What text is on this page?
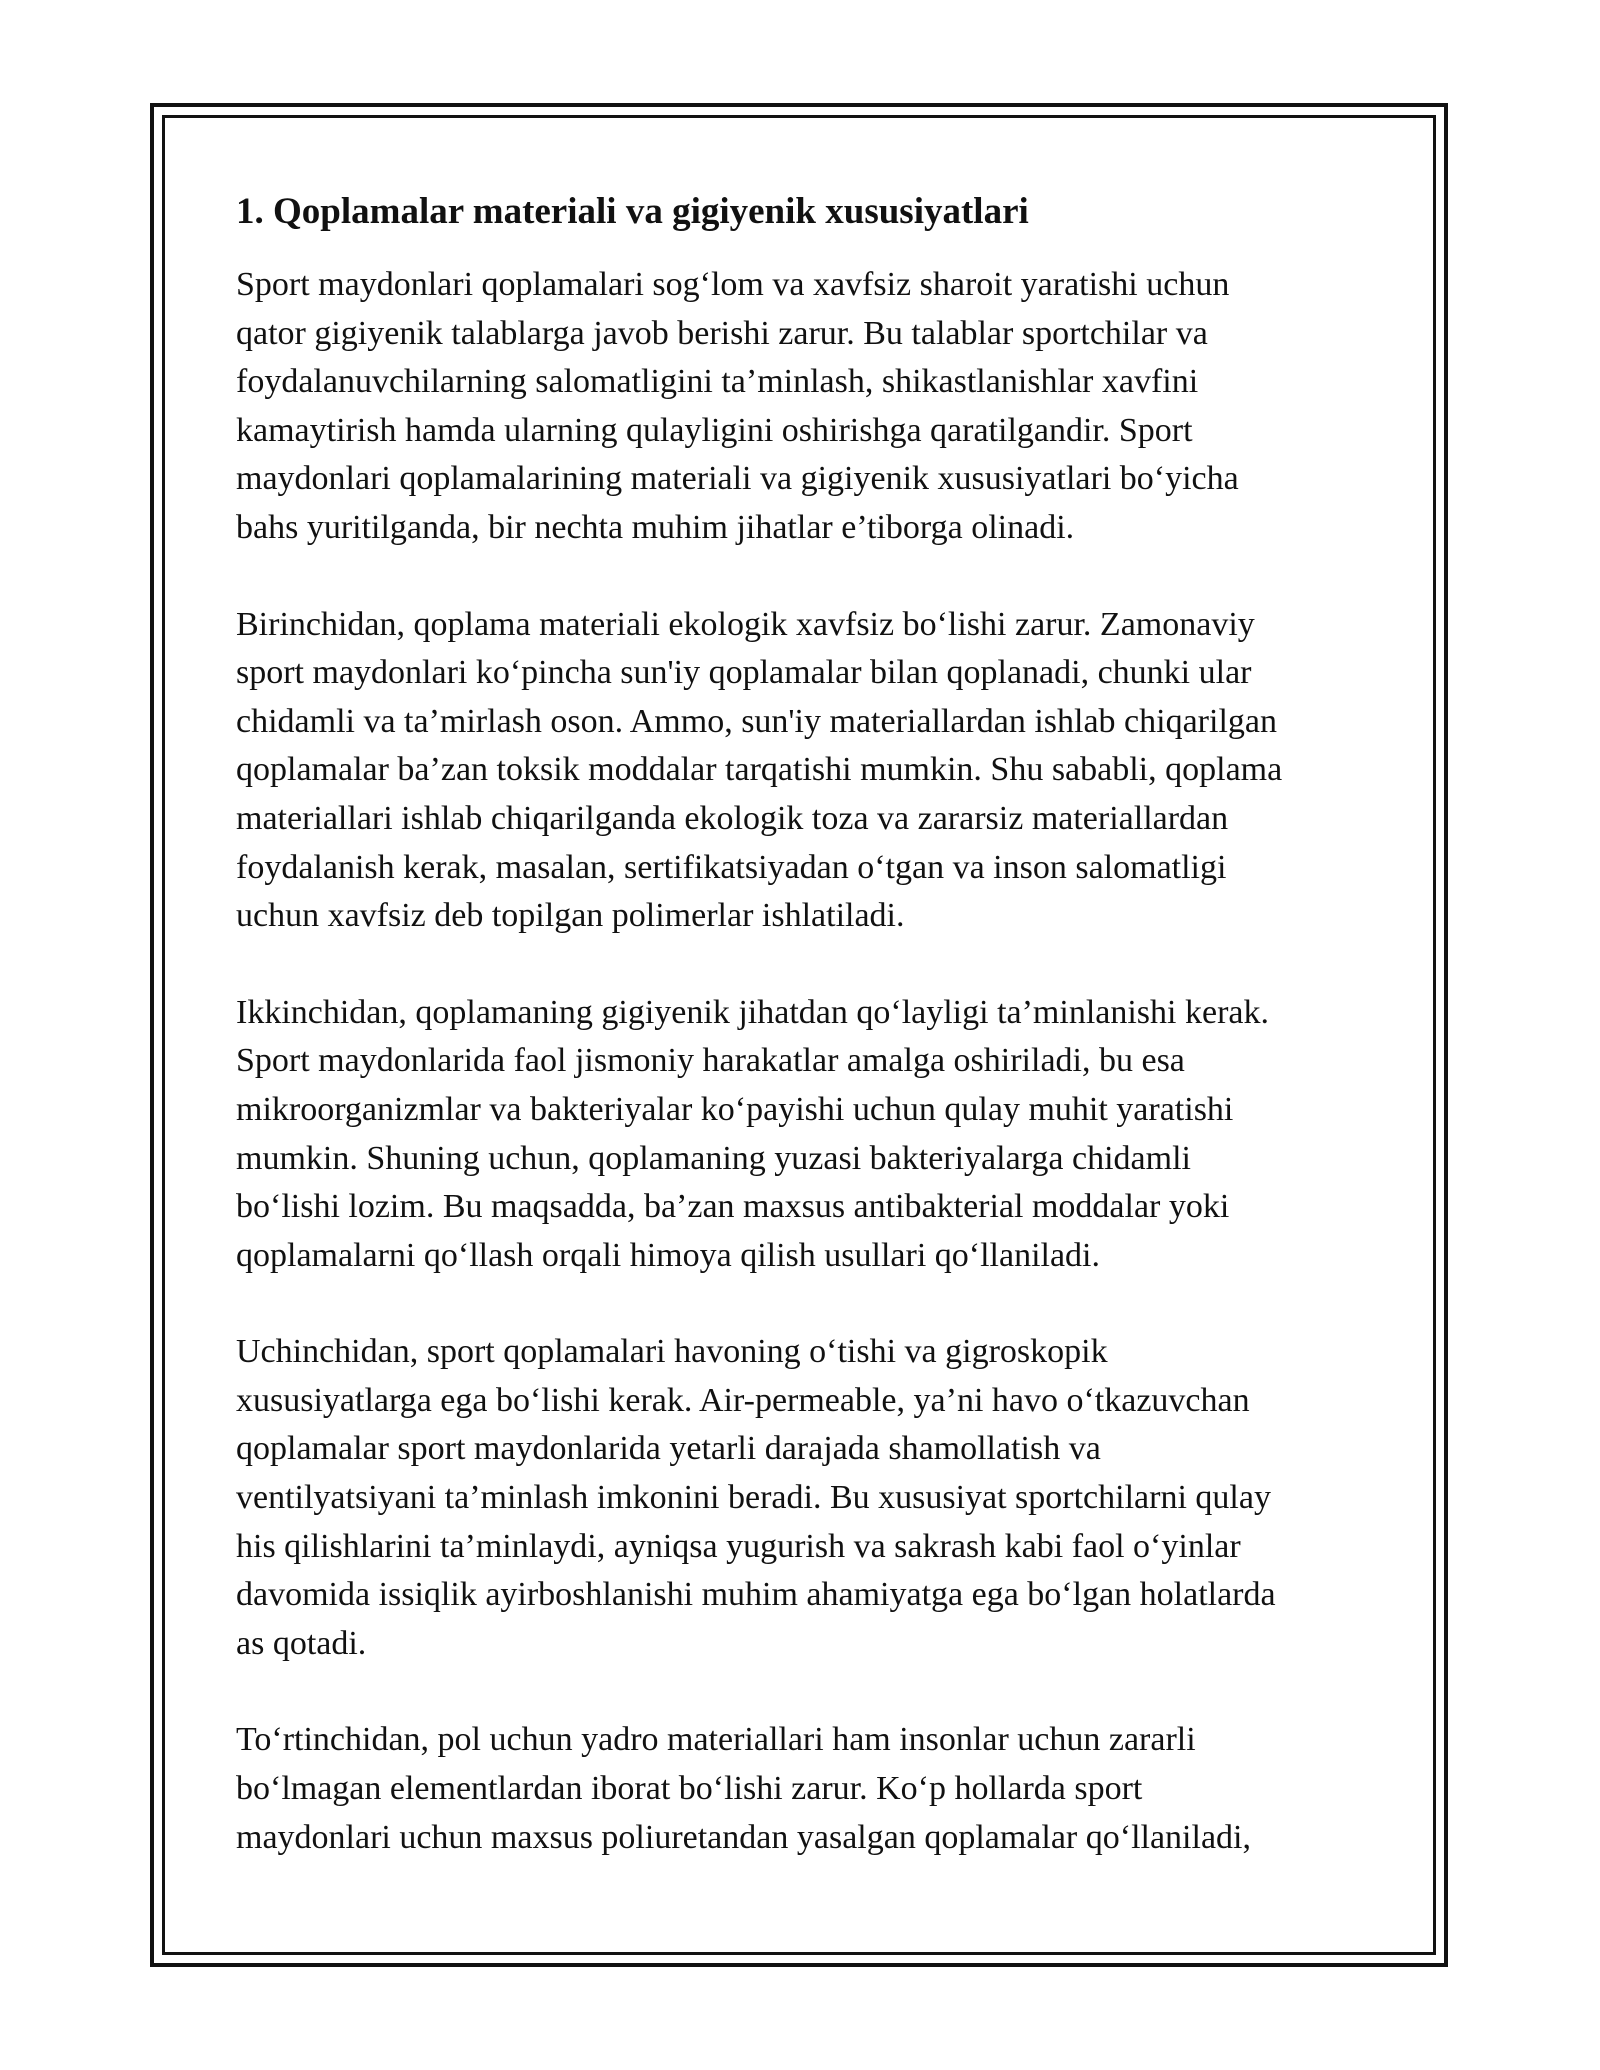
1. Qoplamalar materiali va gigiyenik xususiyatlari

Sport maydonlari qoplamalari sog‘lom va xavfsiz sharoit yaratishi uchun
qator gigiyenik talablarga javob berishi zarur. Bu talablar sportchilar va
foydalanuvchilarning salomatligini ta’minlash, shikastlanishlar xavfini
kamaytirish hamda ularning qulayligini oshirishga qaratilgandir. Sport
maydonlari qoplamalarining materiali va gigiyenik xususiyatlari bo‘yicha
bahs yuritilganda, bir nechta muhim jihatlar e’tiborga olinadi.

Birinchidan, qoplama materiali ekologik xavfsiz bo‘lishi zarur. Zamonaviy
sport maydonlari ko‘pincha sun'iy qoplamalar bilan qoplanadi, chunki ular
chidamli va ta’mirlash oson. Ammo, sun'iy materiallardan ishlab chiqarilgan
qoplamalar ba’zan toksik moddalar tarqatishi mumkin. Shu sababli, qoplama
materiallari ishlab chiqarilganda ekologik toza va zararsiz materiallardan
foydalanish kerak, masalan, sertifikatsiyadan o‘tgan va inson salomatligi
uchun xavfsiz deb topilgan polimerlar ishlatiladi.

Ikkinchidan, qoplamaning gigiyenik jihatdan qo‘layligi ta’minlanishi kerak.
Sport maydonlarida faol jismoniy harakatlar amalga oshiriladi, bu esa
mikroorganizmlar va bakteriyalar ko‘payishi uchun qulay muhit yaratishi
mumkin. Shuning uchun, qoplamaning yuzasi bakteriyalarga chidamli
bo‘lishi lozim. Bu maqsadda, ba’zan maxsus antibakterial moddalar yoki
qoplamalarni qo‘llash orqali himoya qilish usullari qo‘llaniladi.

Uchinchidan, sport qoplamalari havoning o‘tishi va gigroskopik
xususiyatlarga ega bo‘lishi kerak. Air-permeable, ya’ni havo o‘tkazuvchan
qoplamalar sport maydonlarida yetarli darajada shamollatish va
ventilyatsiyani ta’minlash imkonini beradi. Bu xususiyat sportchilarni qulay
his qilishlarini ta’minlaydi, ayniqsa yugurish va sakrash kabi faol o‘yinlar
davomida issiqlik ayirboshlanishi muhim ahamiyatga ega bo‘lgan holatlarda
as qotadi.

To‘rtinchidan, pol uchun yadro materiallari ham insonlar uchun zararli
bo‘lmagan elementlardan iborat bo‘lishi zarur. Ko‘p hollarda sport
maydonlari uchun maxsus poliuretandan yasalgan qoplamalar qo‘llaniladi,
